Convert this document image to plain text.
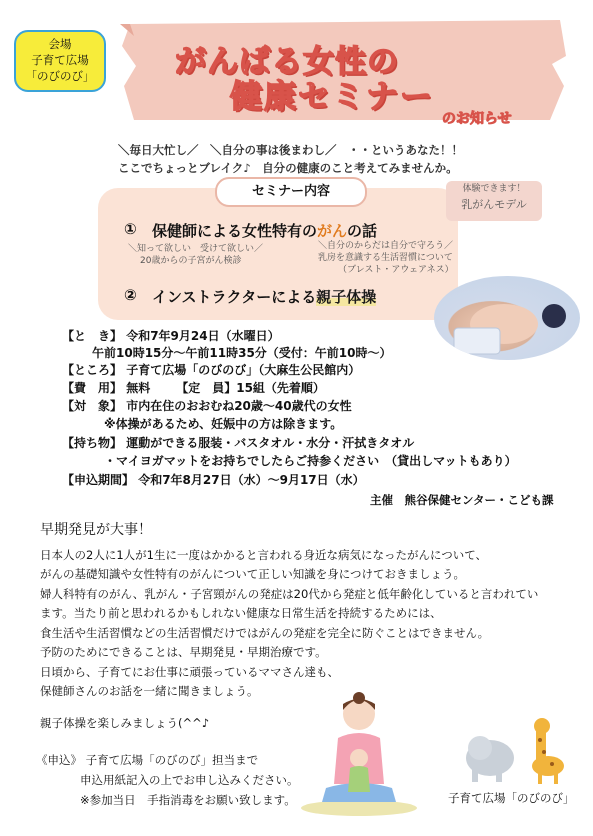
会場
子育て広場
「のびのび」	がんばる女性の
健康セミナー
のお知らせ
＼毎日大忙し／　＼自分の事は後まわし／　・・というあなた！！
ここでちょっとブレイク♪　自分の健康のこと考えてみませんか。
セミナー内容	体験できます！
乳がんモデル
① 保健師による女性特有のがんの話
＼知って欲しい　受けて欲しい／
20歳からの子宮がん検診
＼自分のからだは自分で守ろう／
乳房を意識する生活習慣について
（ブレスト・アウェアネス）
② インストラクターによる親子体操
【と　き】 令和7年9月24日（水曜日）
午前10時15分～午前11時35分（受付：午前10時～）
【ところ】 子育て広場「のびのび」（大麻生公民館内）
【費　用】 無料 【定　員】15組（先着順）
【対　象】 市内在住のおおむね20歳～40歳代の女性
※体操があるため、妊娠中の方は除きます。
【持ち物】 運動ができる服装・バスタオル・水分・汗拭きタオル
・マイヨガマットをお持ちでしたらご持参ください　（貸出しマットもあり）
【申込期間】 令和7年8月27日（水）～9月17日（水）
主催　熊谷保健センター・こども課
早期発見が大事！
日本人の2人に1人が1生に一度はかかると言われる身近な病気になったがんについて、
がんの基礎知識や女性特有のがんについて正しい知識を身につけておきましょう。
婦人科特有のがん、乳がん・子宮頸がんの発症は20代から発症と低年齢化していると言われてい
ます。当たり前と思われるかもしれない健康な日常生活を持続するためには、
食生活や生活習慣などの生活習慣だけではがんの発症を完全に防ぐことはできません。
予防のためにできることは、早期発見・早期治療です。
日頃から、子育てにお仕事に頑張っているママさん達も、
保健師さんのお話を一緒に聞きましょう。
親子体操を楽しみましょう(^^♪
《申込》 子育て広場「のびのび」担当まで
申込用紙記入の上でお申し込みください。
※参加当日　手指消毒をお願い致します。	子育て広場「のびのび」
